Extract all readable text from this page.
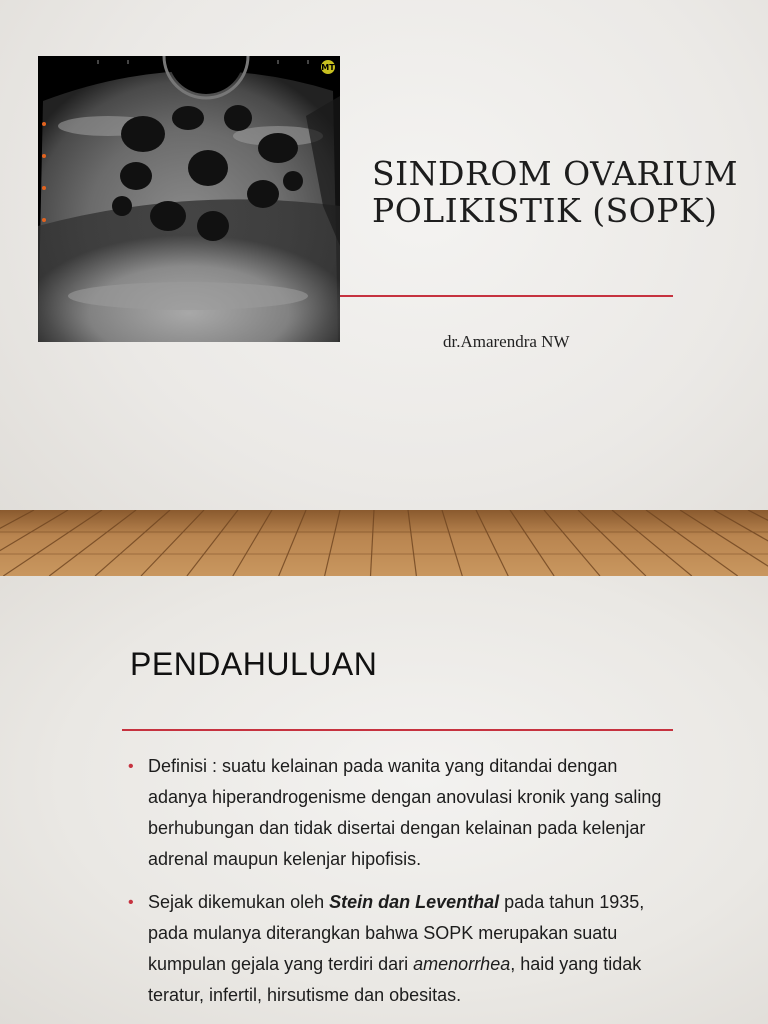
MT
SINDROM OVARIUM
POLIKISTIK (SOPK)
dr.Amarendra NW
PENDAHULUAN
• Definisi : suatu kelainan pada wanita yang ditandai dengan adanya hiperandrogenisme dengan anovulasi kronik yang saling berhubungan dan tidak disertai dengan kelainan pada kelenjar adrenal maupun kelenjar hipofisis.
• Sejak dikemukan oleh Stein dan Leventhal pada tahun 1935, pada mulanya diterangkan bahwa SOPK merupakan suatu kumpulan gejala yang terdiri dari amenorrhea, haid yang tidak teratur, infertil, hirsutisme dan obesitas.
